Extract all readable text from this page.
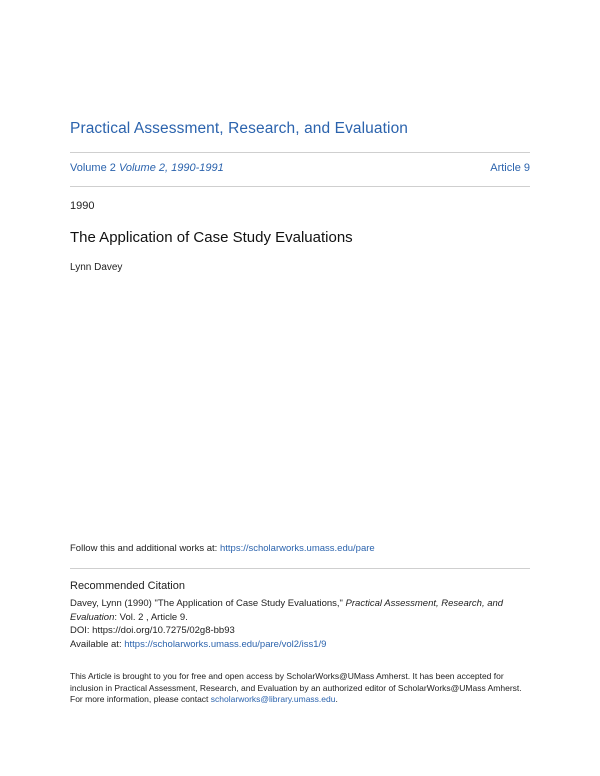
Practical Assessment, Research, and Evaluation
Volume 2 Volume 2, 1990-1991	Article 9
1990
The Application of Case Study Evaluations
Lynn Davey
Follow this and additional works at: https://scholarworks.umass.edu/pare
Recommended Citation
Davey, Lynn (1990) "The Application of Case Study Evaluations," Practical Assessment, Research, and Evaluation: Vol. 2 , Article 9.
DOI: https://doi.org/10.7275/02g8-bb93
Available at: https://scholarworks.umass.edu/pare/vol2/iss1/9
This Article is brought to you for free and open access by ScholarWorks@UMass Amherst. It has been accepted for inclusion in Practical Assessment, Research, and Evaluation by an authorized editor of ScholarWorks@UMass Amherst. For more information, please contact scholarworks@library.umass.edu.
